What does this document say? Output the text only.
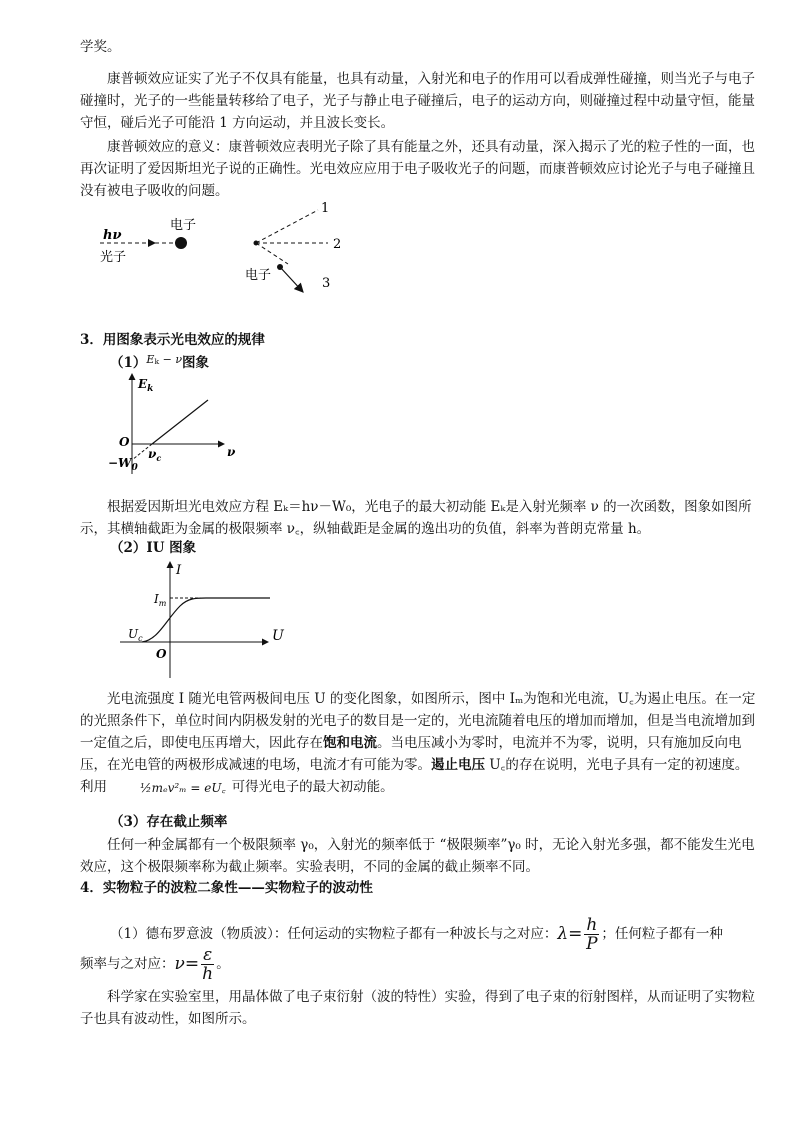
学奖。

康普顿效应证实了光子不仅具有能量，也具有动量，入射光和电子的作用可以看成弹性碰撞，则当光子与电子碰撞时，光子的一些能量转移给了电子，光子与静止电子碰撞后，电子的运动方向，则碰撞过程中动量守恒，能量守恒，碰后光子可能沿 1 方向运动，并且波长变长。

康普顿效应的意义：康普顿效应表明光子除了具有能量之外，还具有动量，深入揭示了光的粒子性的一面，也再次证明了爱因斯坦光子说的正确性。光电效应应用于电子吸收光子的问题，而康普顿效应讨论光子与电子碰撞且没有被电子吸收的问题。

hν
光子
电子
1
2
3
电子

3．用图象表示光电效应的规律

$(1)^{Ek - \nu}$图象

$E_k$
O
$-W_0$
$\nu_c$	ν

根据爱因斯坦光电效应方程 Eₖ＝hν－W₀，光电子的最大初动能 Eₖ是入射光频率 ν 的一次函数，图象如图所示，其横轴截距为金属的极限频率 ν꜀，纵轴截距是金属的逸出功的负值，斜率为普朗克常量 h。

（2）IU 图象

I
$I_m$
$U_c$	U
O

光电流强度 I 随光电管两极间电压 U 的变化图象，如图所示，图中 Iₘ为饱和光电流，U꜀为遏止电压。在一定的光照条件下，单位时间内阴极发射的光电子的数目是一定的，光电流随着电压的增加而增加，但是当电流增加到一定值之后，即使电压再增大，因此存在饱和电流。当电压减小为零时，电流并不为零，说明，只有施加反向电压，在光电管的两极形成减速的电场，电流才有可能为零。遏止电压 U꜀的存在说明，光电子具有一定的初速度。利用	½mₑv²ₘ = eU꜀ 可得光电子的最大初动能。

（3）存在截止频率

任何一种金属都有一个极限频率 γ₀，入射光的频率低于 “极限频率”γ₀ 时，无论入射光多强，都不能发生光电效应，这个极限频率称为截止频率。实验表明，不同的金属的截止频率不同。

4．实物粒子的波粒二象性——实物粒子的波动性

（1）德布罗意波（物质波）：任何运动的实物粒子都有一种波长与之对应：$\lambda= \frac{h}{P}$ ；任何粒子都有一种

频率与之对应：$\nu= \frac{\varepsilon}{h}$ 。

科学家在实验室里，用晶体做了电子束衍射（波的特性）实验，得到了电子束的衍射图样，从而证明了实物粒子也具有波动性，如图所示。
